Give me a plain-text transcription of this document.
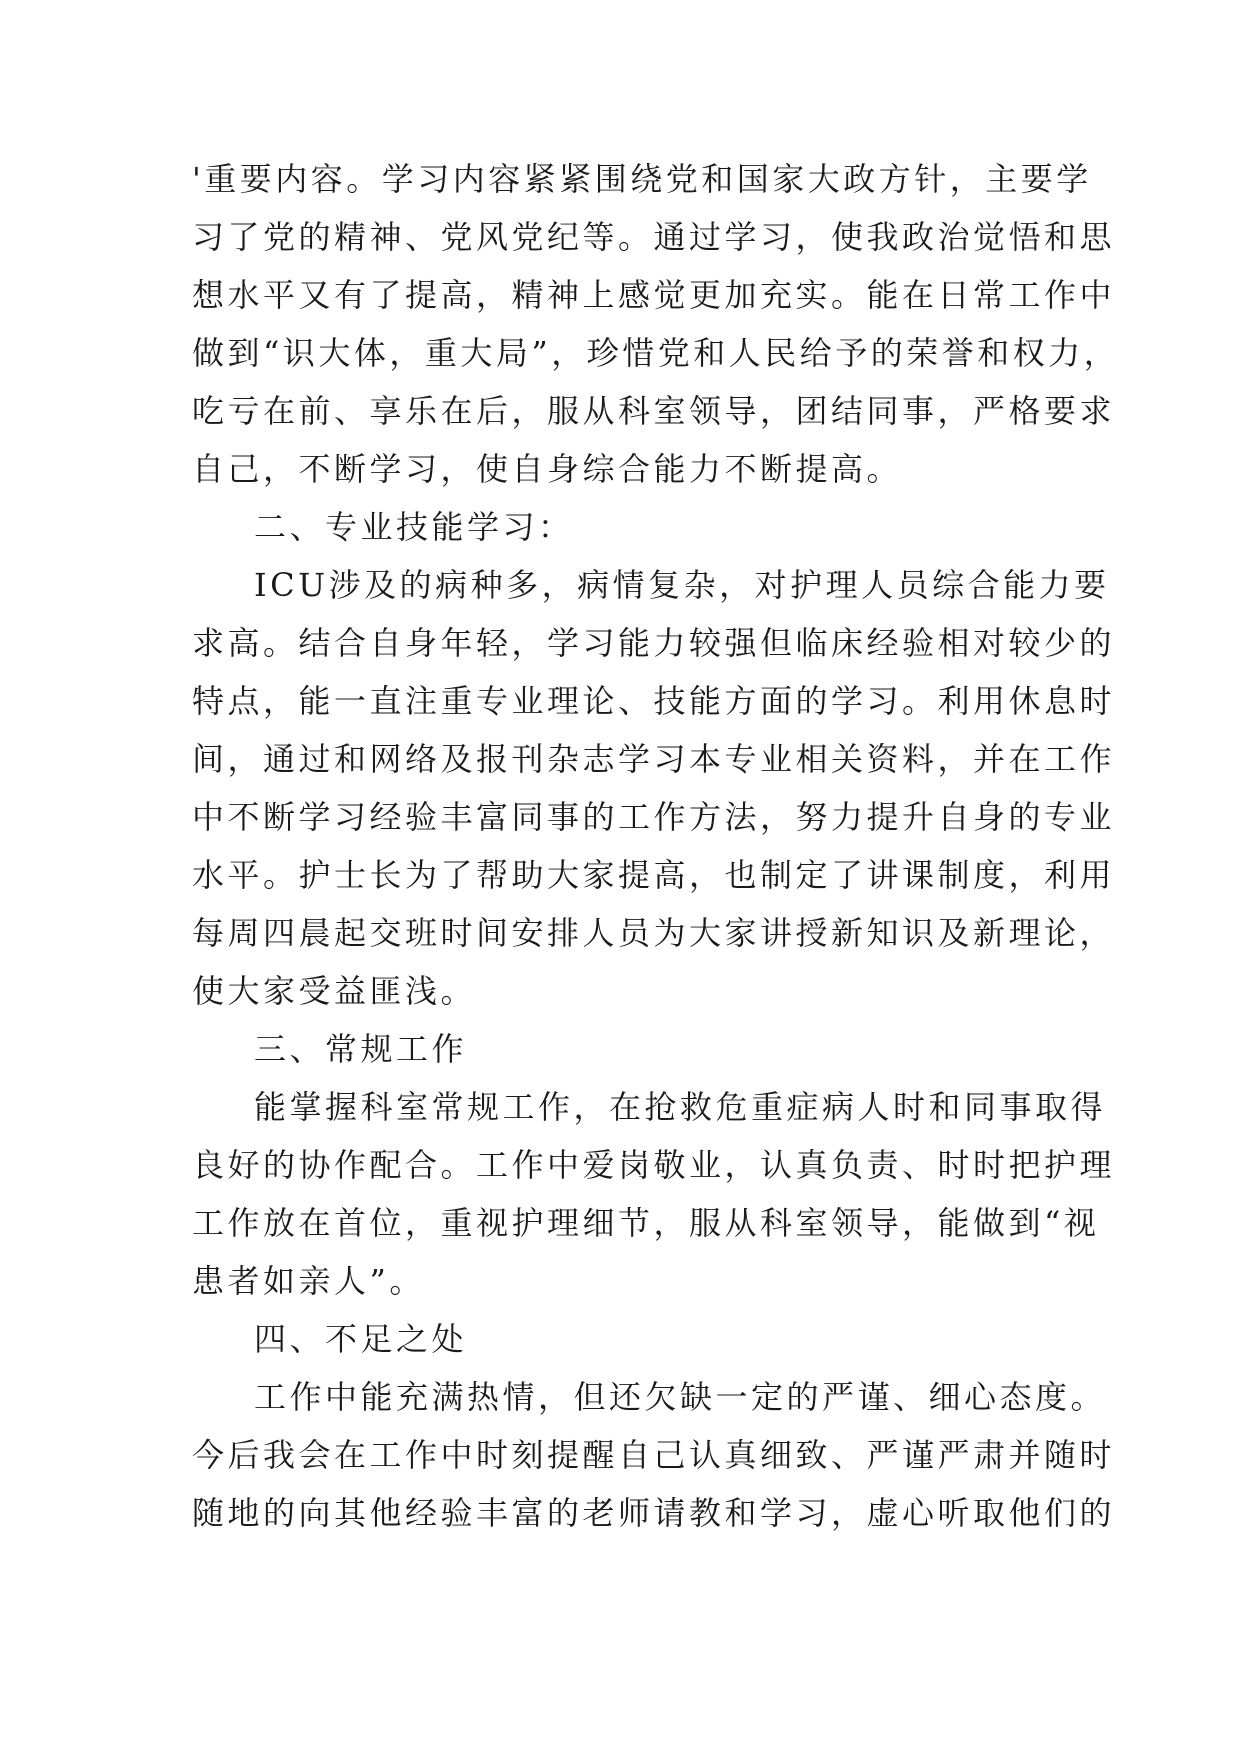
'重要内容。学习内容紧紧围绕党和国家大政方针，主要学
习了党的精神、党风党纪等。通过学习，使我政治觉悟和思
想水平又有了提高，精神上感觉更加充实。能在日常工作中
做到“识大体，重大局”，珍惜党和人民给予的荣誉和权力，
吃亏在前、享乐在后，服从科室领导，团结同事，严格要求
自己，不断学习，使自身综合能力不断提高。
二、专业技能学习：
ICU涉及的病种多，病情复杂，对护理人员综合能力要
求高。结合自身年轻，学习能力较强但临床经验相对较少的
特点，能一直注重专业理论、技能方面的学习。利用休息时
间，通过和网络及报刊杂志学习本专业相关资料，并在工作
中不断学习经验丰富同事的工作方法，努力提升自身的专业
水平。护士长为了帮助大家提高，也制定了讲课制度，利用
每周四晨起交班时间安排人员为大家讲授新知识及新理论，
使大家受益匪浅。
三、常规工作
能掌握科室常规工作，在抢救危重症病人时和同事取得
良好的协作配合。工作中爱岗敬业，认真负责、时时把护理
工作放在首位，重视护理细节，服从科室领导，能做到“视
患者如亲人”。
四、不足之处
工作中能充满热情，但还欠缺一定的严谨、细心态度。
今后我会在工作中时刻提醒自己认真细致、严谨严肃并随时
随地的向其他经验丰富的老师请教和学习，虚心听取他们的
